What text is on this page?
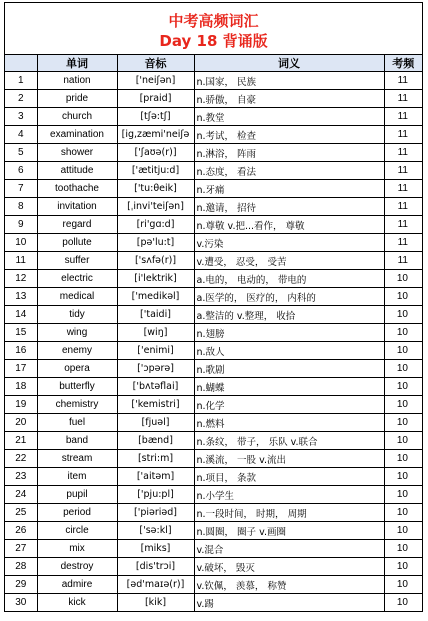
中考高频词汇
Day 18 背诵版
	单词	音标	词义	考频
1	nation	['neiʃən]	n.国家， 民族	11
2	pride	[praid]	n.骄傲， 自豪	11
3	church	[tʃə:tʃ]	n.教堂	11
4	examination	[ig,zæmi'neiʃə	n.考试， 检查	11
5	shower	['ʃaʊə(r)]	n.淋浴， 阵雨	11
6	attitude	['ætitju:d]	n.态度， 看法	11
7	toothache	['tu:θeik]	n.牙痛	11
8	invitation	[ˌinvi'teiʃən]	n.邀请， 招待	11
9	regard	[ri'gɑ:d]	n.尊敬 v.把...看作， 尊敬	11
10	pollute	[pə'lu:t]	v.污染	11
11	suffer	['sʌfə(r)]	v.遭受， 忍受， 受苦	11
12	electric	[i'lektrik]	a.电的， 电动的， 带电的	10
13	medical	['medikəl]	a.医学的， 医疗的， 内科的	10
14	tidy	['taidi]	a.整洁的 v.整理， 收拾	10
15	wing	[wiŋ]	n.翅膀	10
16	enemy	['enimi]	n.敌人	10
17	opera	['ɔpərə]	n.歌剧	10
18	butterfly	['bʌtəflai]	n.蝴蝶	10
19	chemistry	['kemistri]	n.化学	10
20	fuel	[fjuəl]	n.燃料	10
21	band	[bænd]	n.条纹， 带子， 乐队 v.联合	10
22	stream	[stri:m]	n.溪流， 一股 v.流出	10
23	item	['aitəm]	n.项目， 条款	10
24	pupil	['pju:pl]	n.小学生	10
25	period	['piəriəd]	n.一段时间， 时期， 周期	10
26	circle	['sə:kl]	n.圆圈， 圈子 v.画圈	10
27	mix	[miks]	v.混合	10
28	destroy	[dis'trɔi]	v.破坏， 毁灭	10
29	admire	[əd'maɪə(r)]	v.钦佩， 羡慕， 称赞	10
30	kick	[kik]	v.踢	10
